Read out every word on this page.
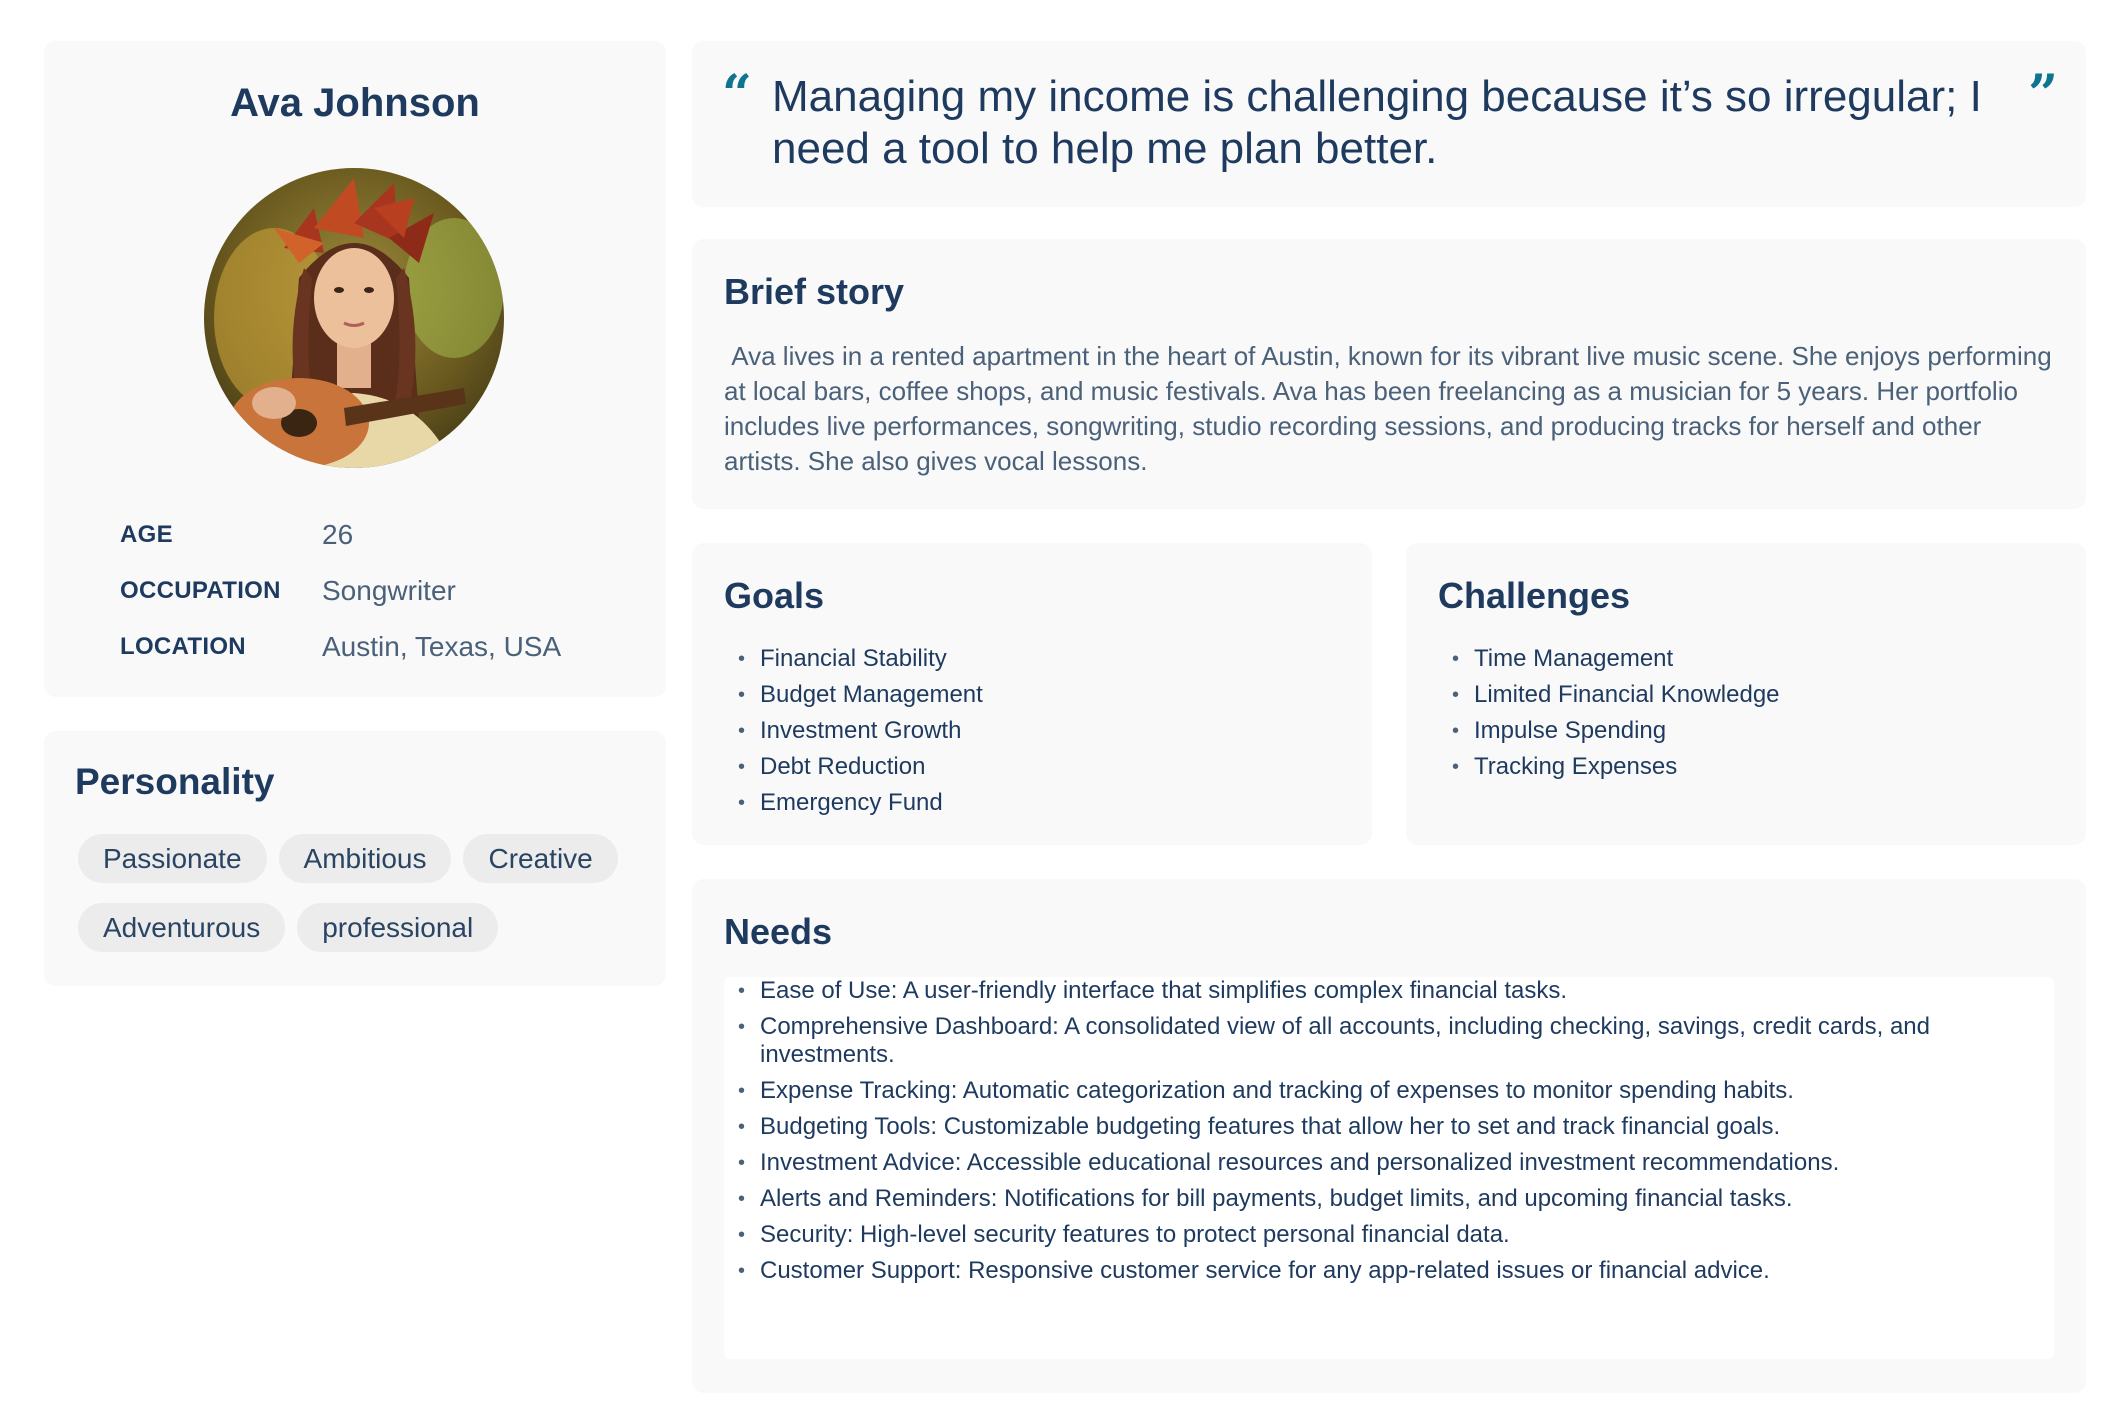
Ava Johnson
AGE	26
OCCUPATION	Songwriter
LOCATION	Austin, Texas, USA
Personality
Passionate	Ambitious	Creative
Adventurous	professional
“ Managing my income is challenging because it’s so irregular; I need a tool to help me plan better.
”
Brief story
Ava lives in a rented apartment in the heart of Austin, known for its vibrant live music scene. She enjoys performing at local bars, coffee shops, and music festivals. Ava has been freelancing as a musician for 5 years. Her portfolio includes live performances, songwriting, studio recording sessions, and producing tracks for herself and other artists. She also gives vocal lessons.
Goals
• Financial Stability
• Budget Management
• Investment Growth
• Debt Reduction
• Emergency Fund
Challenges
• Time Management
• Limited Financial Knowledge
• Impulse Spending
• Tracking Expenses
Needs
• Ease of Use: A user-friendly interface that simplifies complex financial tasks.
• Comprehensive Dashboard: A consolidated view of all accounts, including checking, savings, credit cards, and investments.
• Expense Tracking: Automatic categorization and tracking of expenses to monitor spending habits.
• Budgeting Tools: Customizable budgeting features that allow her to set and track financial goals.
• Investment Advice: Accessible educational resources and personalized investment recommendations.
• Alerts and Reminders: Notifications for bill payments, budget limits, and upcoming financial tasks.
• Security: High-level security features to protect personal financial data.
• Customer Support: Responsive customer service for any app-related issues or financial advice.
